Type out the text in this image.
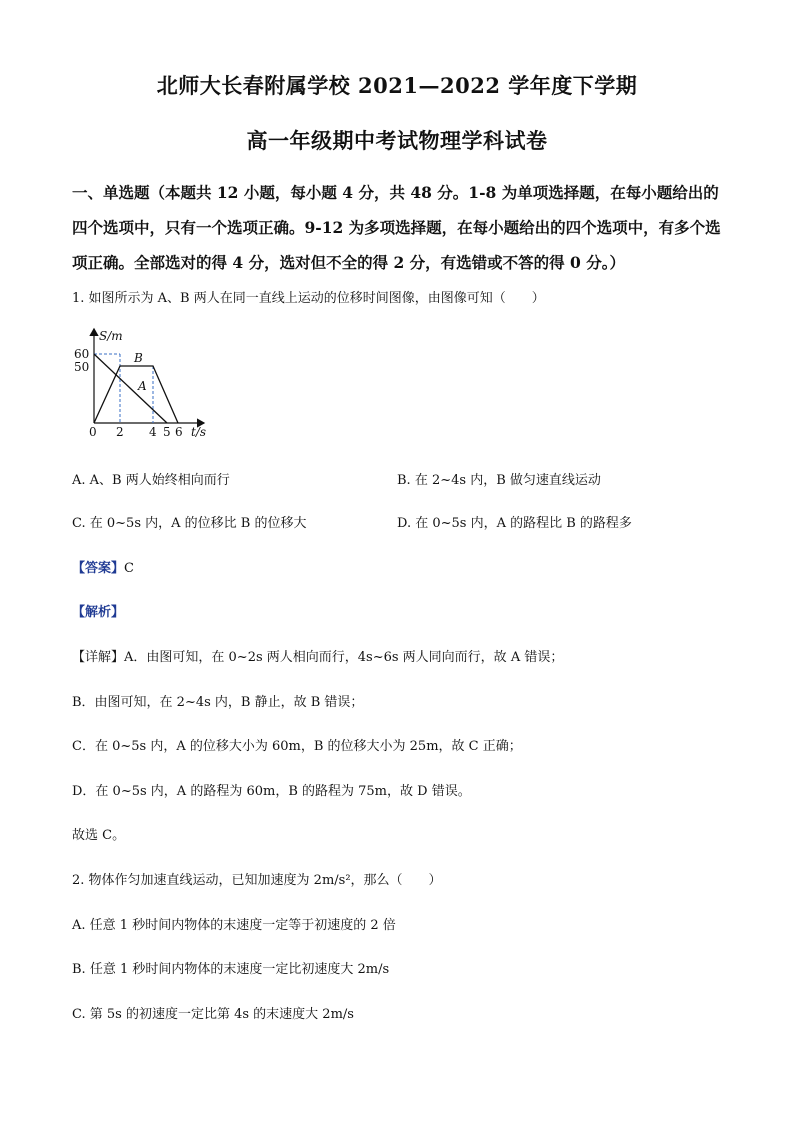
北师大长春附属学校 2021—2022 学年度下学期
高一年级期中考试物理学科试卷
一、单选题（本题共 12 小题，每小题 4 分，共 48 分。1-8 为单项选择题，在每小题给出的四个选项中，只有一个选项正确。9-12 为多项选择题，在每小题给出的四个选项中，有多个选项正确。全部选对的得 4 分，选对但不全的得 2 分，有选错或不答的得 0 分。）
1. 如图所示为 A、B 两人在同一直线上运动的位移时间图像，由图像可知（　　）
S/m
60
50
B
A
0 2 4 5 6 t/s
A. A、B 两人始终相向而行	B. 在 2~4s 内，B 做匀速直线运动
C. 在 0~5s 内，A 的位移比 B 的位移大	D. 在 0~5s 内，A 的路程比 B 的路程多
【答案】C
【解析】
【详解】A．由图可知，在 0~2s 两人相向而行，4s~6s 两人同向而行，故 A 错误；
B．由图可知，在 2~4s 内，B 静止，故 B 错误；
C．在 0~5s 内，A 的位移大小为 60m，B 的位移大小为 25m，故 C 正确；
D．在 0~5s 内，A 的路程为 60m，B 的路程为 75m，故 D 错误。
故选 C。
2. 物体作匀加速直线运动，已知加速度为 2m/s²，那么（　　）
A. 任意 1 秒时间内物体的末速度一定等于初速度的 2 倍
B. 任意 1 秒时间内物体的末速度一定比初速度大 2m/s
C. 第 5s 的初速度一定比第 4s 的末速度大 2m/s
